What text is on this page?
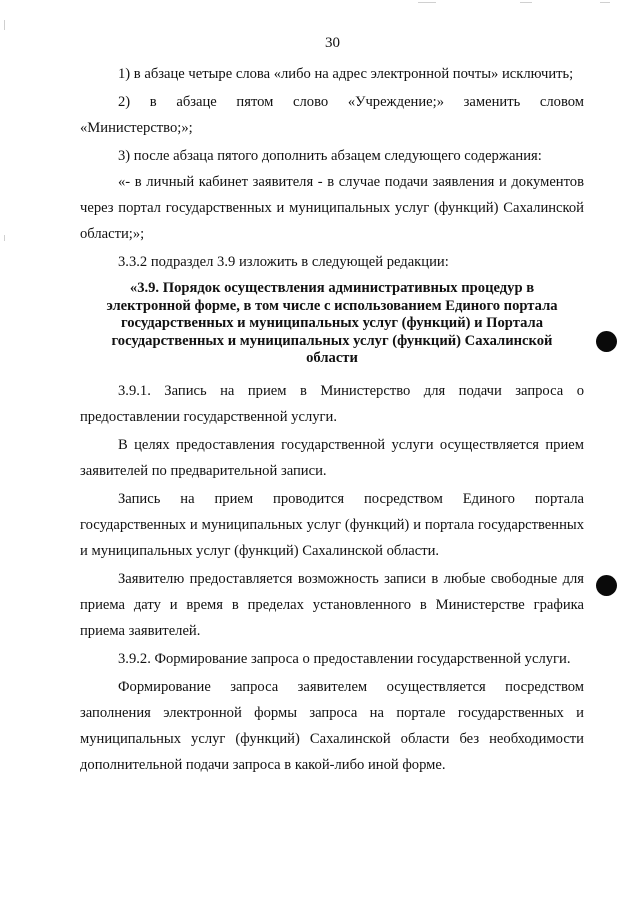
30

1) в абзаце четыре слова «либо на адрес электронной почты» исключить;

2) в абзаце пятом слово «Учреждение;» заменить словом «Министерство;»;

3) после абзаца пятого дополнить абзацем следующего содержания:

«- в личный кабинет заявителя - в случае подачи заявления и документов через портал государственных и муниципальных услуг (функций) Сахалинской области;»;

3.3.2 подраздел 3.9 изложить в следующей редакции:

«3.9. Порядок осуществления административных процедур в
электронной форме, в том числе с использованием Единого портала
государственных и муниципальных услуг (функций) и Портала
государственных и муниципальных услуг (функций) Сахалинской
области

3.9.1. Запись на прием в Министерство для подачи запроса о предоставлении государственной услуги.

В целях предоставления государственной услуги осуществляется прием заявителей по предварительной записи.

Запись на прием проводится посредством Единого портала государственных и муниципальных услуг (функций) и портала государственных и муниципальных услуг (функций) Сахалинской области.

Заявителю предоставляется возможность записи в любые свободные для приема дату и время в пределах установленного в Министерстве графика приема заявителей.

3.9.2. Формирование запроса о предоставлении государственной услуги.

Формирование запроса заявителем осуществляется посредством заполнения электронной формы запроса на портале государственных и муниципальных услуг (функций) Сахалинской области без необходимости дополнительной подачи запроса в какой-либо иной форме.
